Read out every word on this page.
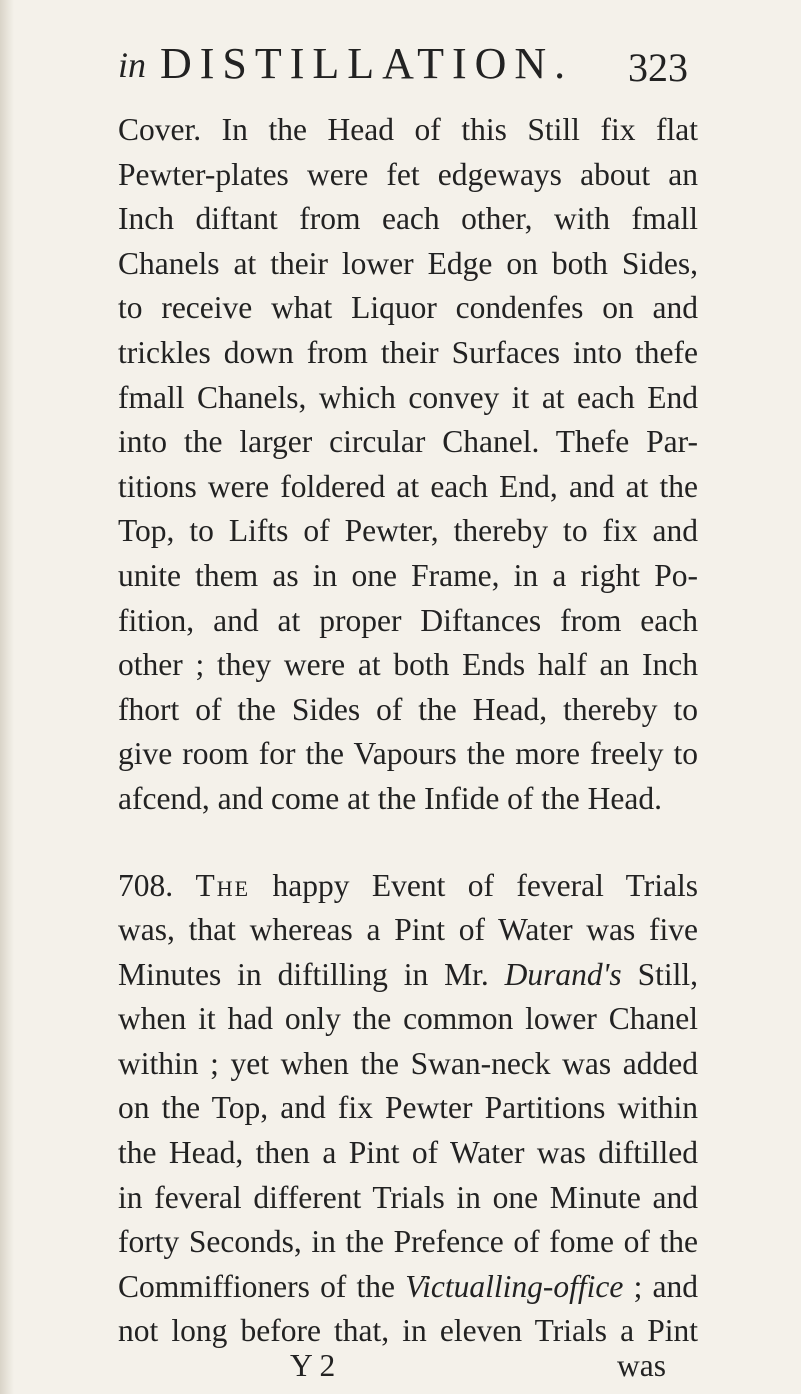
in DISTILLATION. 323
Cover. In the Head of this Still fix flat
Pewter-plates were fet edgeways about an
Inch diftant from each other, with fmall
Chanels at their lower Edge on both Sides,
to receive what Liquor condenfes on and
trickles down from their Surfaces into thefe
fmall Chanels, which convey it at each End
into the larger circular Chanel. Thefe Par-
titions were foldered at each End, and at the
Top, to Lifts of Pewter, thereby to fix and
unite them as in one Frame, in a right Po-
fition, and at proper Diftances from each
other ; they were at both Ends half an Inch
fhort of the Sides of the Head, thereby to
give room for the Vapours the more freely to
afcend, and come at the Infide of the Head.
708. The happy Event of feveral Trials
was, that whereas a Pint of Water was five
Minutes in diftilling in Mr. Durand's Still,
when it had only the common lower Chanel
within ; yet when the Swan-neck was added
on the Top, and fix Pewter Partitions within
the Head, then a Pint of Water was diftilled
in feveral different Trials in one Minute and
forty Seconds, in the Prefence of fome of the
Commiffioners of the Victualling-office ; and
not long before that, in eleven Trials a Pint
Y 2	was
